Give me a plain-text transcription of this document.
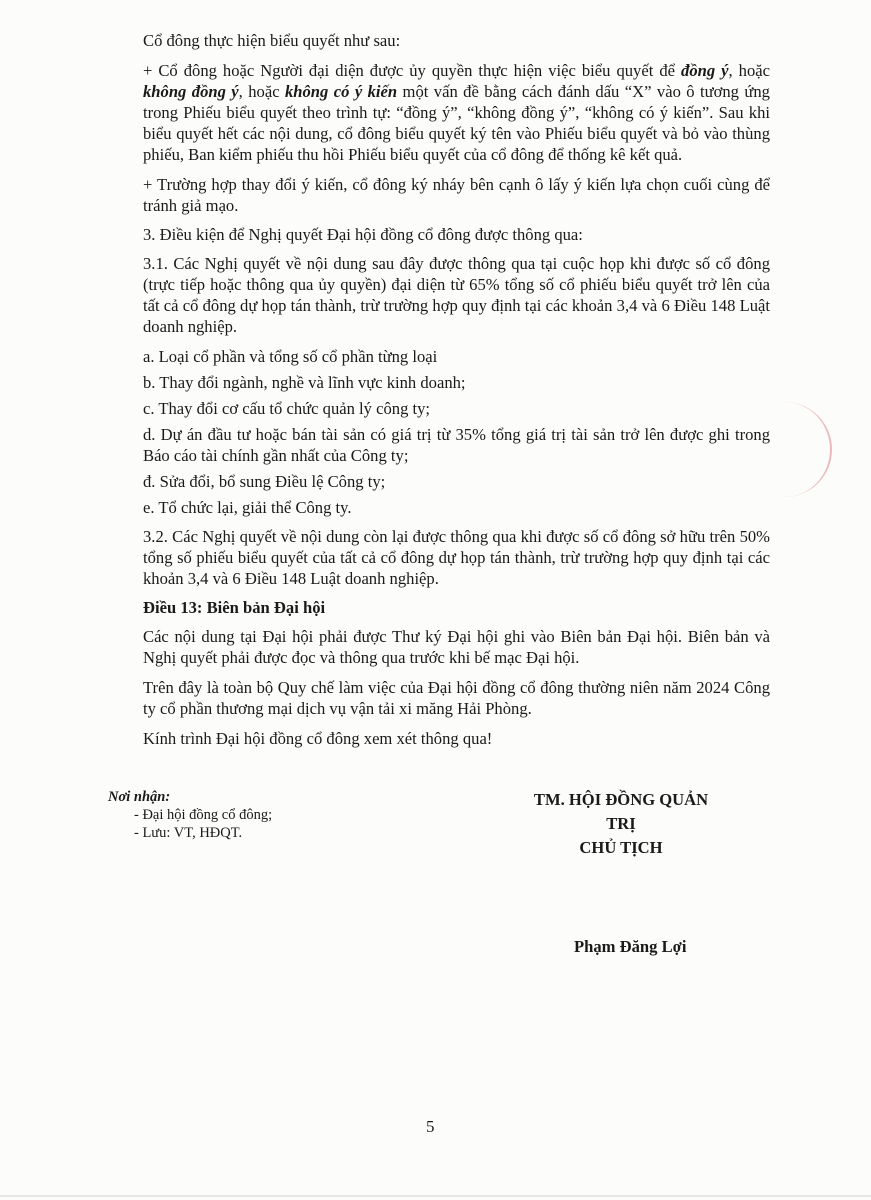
Cổ đông thực hiện biểu quyết như sau:

+ Cổ đông hoặc Người đại diện được ủy quyền thực hiện việc biểu quyết để đồng ý, hoặc không đồng ý, hoặc không có ý kiến một vấn đề bằng cách đánh dấu “X” vào ô tương ứng trong Phiếu biểu quyết theo trình tự: “đồng ý”, “không đồng ý”, “không có ý kiến”. Sau khi biểu quyết hết các nội dung, cổ đông biểu quyết ký tên vào Phiếu biểu quyết và bỏ vào thùng phiếu, Ban kiểm phiếu thu hồi Phiếu biểu quyết của cổ đông để thống kê kết quả.

+ Trường hợp thay đổi ý kiến, cổ đông ký nháy bên cạnh ô lấy ý kiến lựa chọn cuối cùng để tránh giả mạo.

3. Điều kiện để Nghị quyết Đại hội đồng cổ đông được thông qua:

3.1. Các Nghị quyết về nội dung sau đây được thông qua tại cuộc họp khi được số cổ đông (trực tiếp hoặc thông qua ủy quyền) đại diện từ 65% tổng số cổ phiếu biểu quyết trở lên của tất cả cổ đông dự họp tán thành, trừ trường hợp quy định tại các khoản 3,4 và 6 Điều 148 Luật doanh nghiệp.

a. Loại cổ phần và tổng số cổ phần từng loại

b. Thay đổi ngành, nghề và lĩnh vực kinh doanh;

c. Thay đổi cơ cấu tổ chức quản lý công ty;

d. Dự án đầu tư hoặc bán tài sản có giá trị từ 35% tổng giá trị tài sản trở lên được ghi trong Báo cáo tài chính gần nhất của Công ty;

đ. Sửa đổi, bổ sung Điều lệ Công ty;

e. Tổ chức lại, giải thể Công ty.

3.2. Các Nghị quyết về nội dung còn lại được thông qua khi được số cổ đông sở hữu trên 50% tổng số phiếu biểu quyết của tất cả cổ đông dự họp tán thành, trừ trường hợp quy định tại các khoản 3,4 và 6 Điều 148 Luật doanh nghiệp.

Điều 13: Biên bản Đại hội

Các nội dung tại Đại hội phải được Thư ký Đại hội ghi vào Biên bản Đại hội. Biên bản và Nghị quyết phải được đọc và thông qua trước khi bế mạc Đại hội.

Trên đây là toàn bộ Quy chế làm việc của Đại hội đồng cổ đông thường niên năm 2024 Công ty cổ phần thương mại dịch vụ vận tải xi măng Hải Phòng.

Kính trình Đại hội đồng cổ đông xem xét thông qua!

Nơi nhận:
- Đại hội đồng cổ đông;
- Lưu: VT, HĐQT.
TM. HỘI ĐỒNG QUẢN TRỊ
CHỦ TỊCH
Phạm Đăng Lợi
5
